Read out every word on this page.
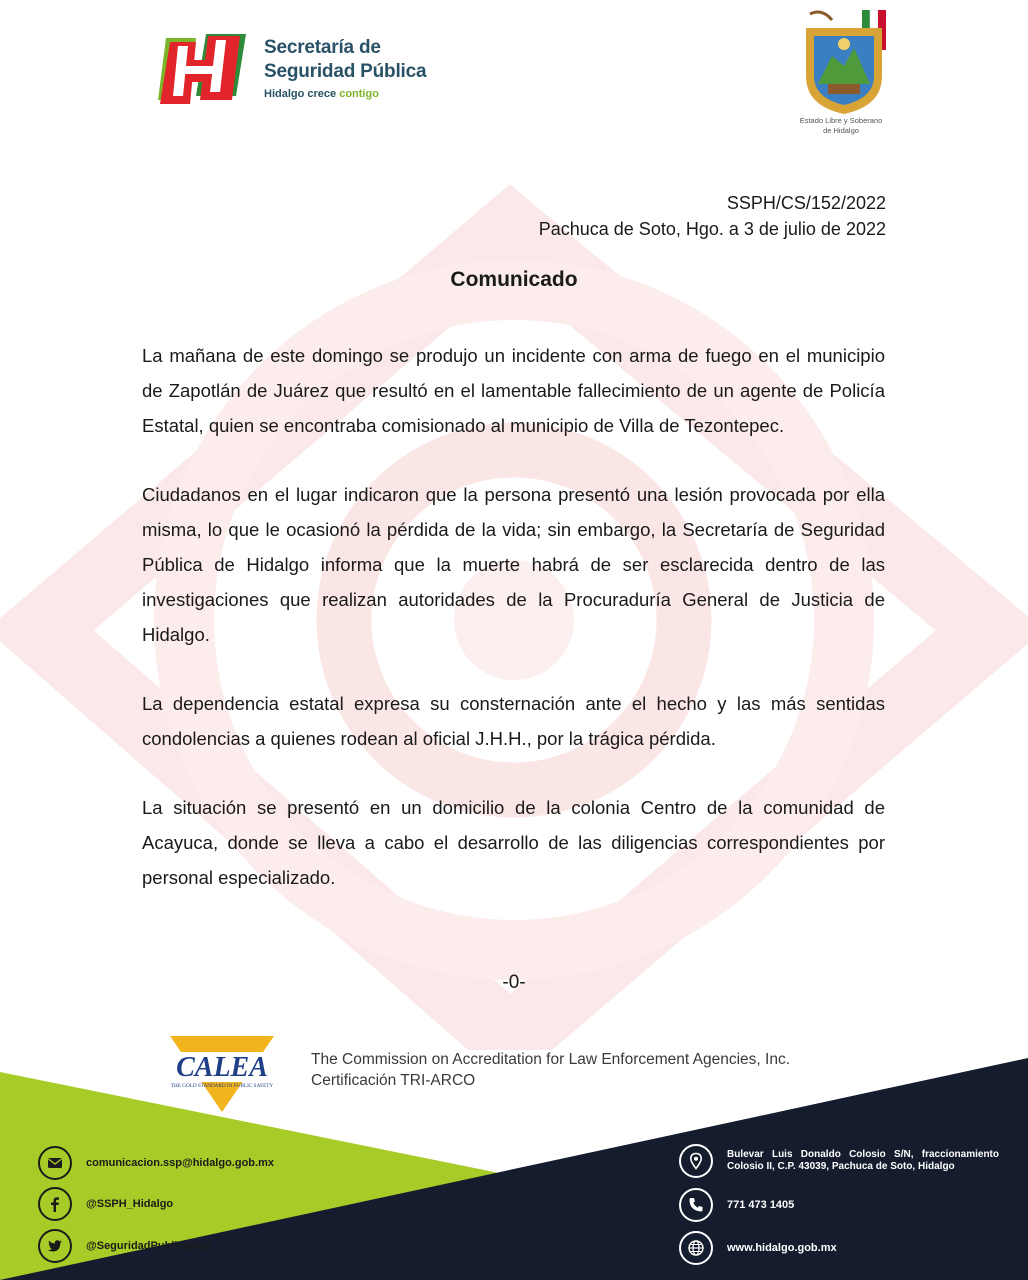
Secretaría de
Seguridad Pública
Hidalgo crece contigo
Estado Libre y Soberano
de Hidalgo
SSPH/CS/152/2022
Pachuca de Soto, Hgo. a 3 de julio de 2022
Comunicado

La mañana de este domingo se produjo un incidente con arma de fuego en el municipio de Zapotlán de Juárez que resultó en el lamentable fallecimiento de un agente de Policía Estatal, quien se encontraba comisionado al municipio de Villa de Tezontepec.

Ciudadanos en el lugar indicaron que la persona presentó una lesión provocada por ella misma, lo que le ocasionó la pérdida de la vida; sin embargo, la Secretaría de Seguridad Pública de Hidalgo informa que la muerte habrá de ser esclarecida dentro de las investigaciones que realizan autoridades de la Procuraduría General de Justicia de Hidalgo.

La dependencia estatal expresa su consternación ante el hecho y las más sentidas condolencias a quienes rodean al oficial J.H.H., por la trágica pérdida.

La situación se presentó en un domicilio de la colonia Centro de la comunidad de Acayuca, donde se lleva a cabo el desarrollo de las diligencias correspondientes por personal especializado.

-0-
CALEA
THE GOLD STANDARD IN PUBLIC SAFETY
The Commission on Accreditation for Law Enforcement Agencies, Inc.
Certificación TRI-ARCO
comunicacion.ssp@hidalgo.gob.mx
@SSPH_Hidalgo
@SeguridadPublicaHgo
Bulevar Luis Donaldo Colosio S/N, fraccionamiento Colosio II, C.P. 43039, Pachuca de Soto, Hidalgo
771 473 1405
www.hidalgo.gob.mx
